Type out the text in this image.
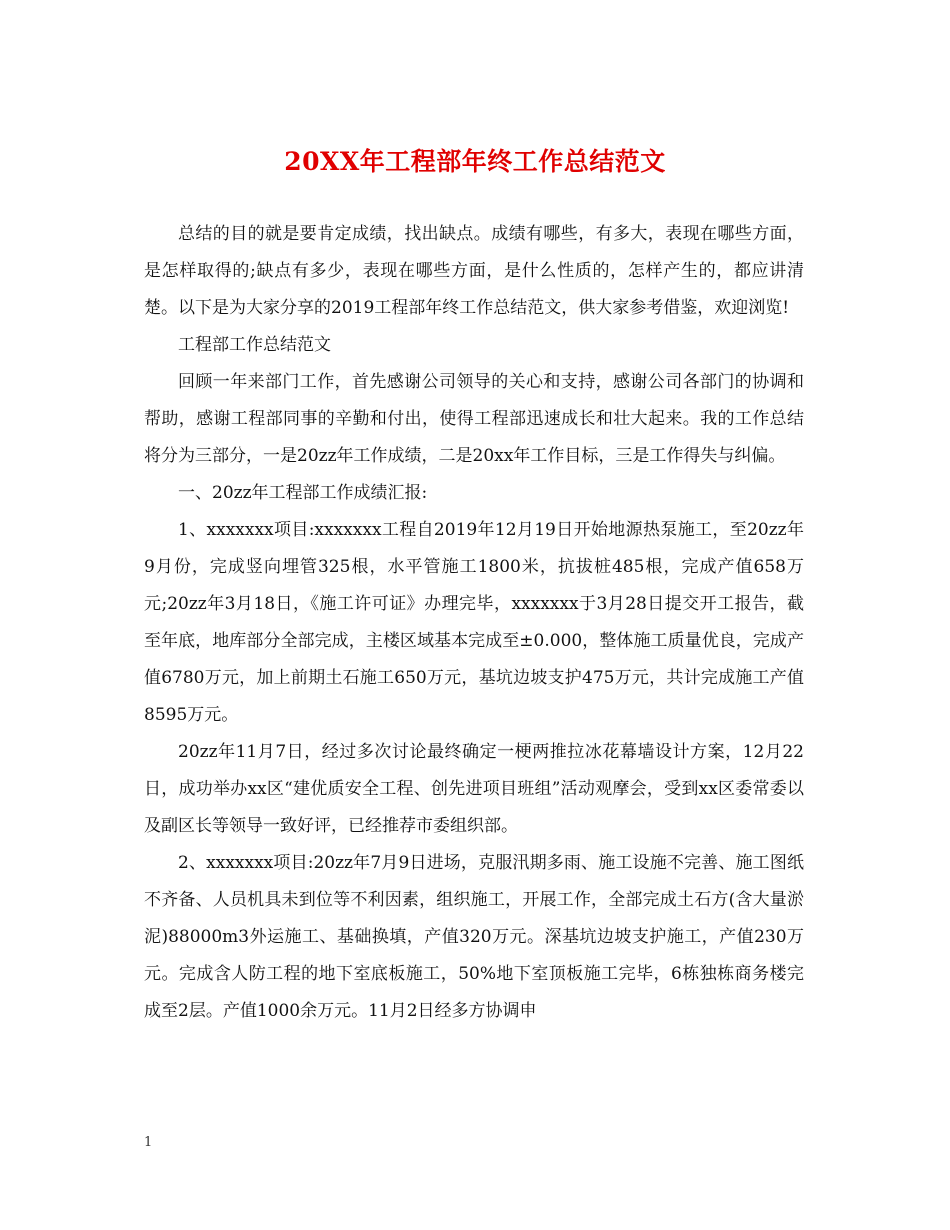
20XX年工程部年终工作总结范文

总结的目的就是要肯定成绩，找出缺点。成绩有哪些，有多大，表现在哪些方面，是怎样取得的;缺点有多少，表现在哪些方面，是什么性质的，怎样产生的，都应讲清楚。以下是为大家分享的2019工程部年终工作总结范文，供大家参考借鉴，欢迎浏览!

工程部工作总结范文

回顾一年来部门工作，首先感谢公司领导的关心和支持，感谢公司各部门的协调和帮助，感谢工程部同事的辛勤和付出，使得工程部迅速成长和壮大起来。我的工作总结将分为三部分，一是20zz年工作成绩，二是20xx年工作目标，三是工作得失与纠偏。

一、20zz年工程部工作成绩汇报:

1、xxxxxxx项目:xxxxxxx工程自2019年12月19日开始地源热泵施工，至20zz年9月份，完成竖向埋管325根，水平管施工1800米，抗拔桩485根，完成产值658万元;20zz年3月18日，《施工许可证》办理完毕，xxxxxxx于3月28日提交开工报告，截至年底，地库部分全部完成，主楼区域基本完成至±0.000，整体施工质量优良，完成产值6780万元，加上前期土石施工650万元，基坑边坡支护475万元，共计完成施工产值8595万元。

20zz年11月7日，经过多次讨论最终确定一梗两推拉冰花幕墙设计方案，12月22日，成功举办xx区“建优质安全工程、创先进项目班组”活动观摩会，受到xx区委常委以及副区长等领导一致好评，已经推荐市委组织部。

2、xxxxxxx项目:20zz年7月9日进场，克服汛期多雨、施工设施不完善、施工图纸不齐备、人员机具未到位等不利因素，组织施工，开展工作，全部完成土石方(含大量淤泥)88000m3外运施工、基础换填，产值320万元。深基坑边坡支护施工，产值230万元。完成含人防工程的地下室底板施工，50%地下室顶板施工完毕，6栋独栋商务楼完成至2层。产值1000余万元。11月2日经多方协调申

1
